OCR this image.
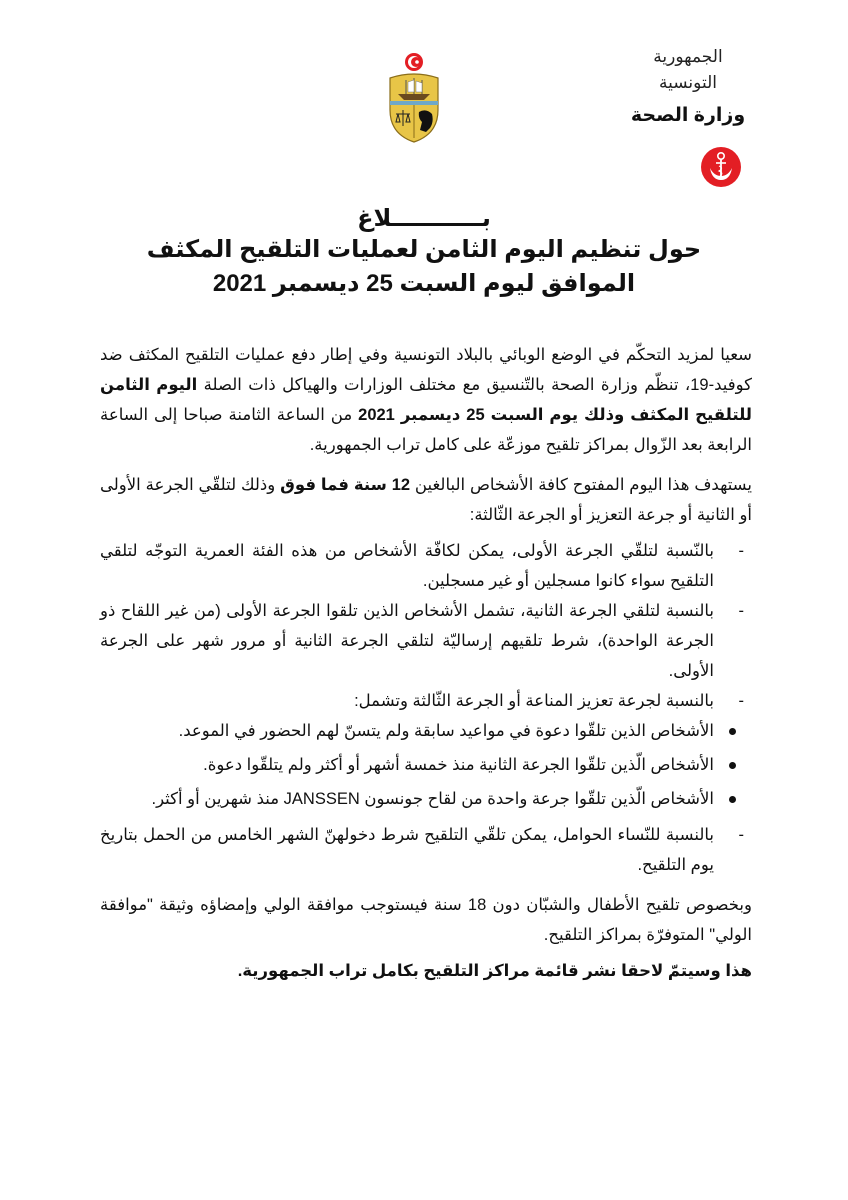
الجمهورية
التونسية
وزارة الصحة
بـــــــــــلاغ
حول تنظيم اليوم الثامن لعمليات التلقيح المكثف
الموافق ليوم السبت 25 ديسمبر 2021

سعيا لمزيد التحكّم في الوضع الوبائي بالبلاد التونسية وفي إطار دفع عمليات التلقيح المكثف ضد كوفيد-19، تنظّم وزارة الصحة بالتّنسيق مع مختلف الوزارات والهياكل ذات الصلة اليوم الثامن للتلقيح المكثف وذلك يوم السبت 25 ديسمبر 2021 من الساعة الثامنة صباحا إلى الساعة الرابعة بعد الزّوال بمراكز تلقيح موزعّة على كامل تراب الجمهورية.

يستهدف هذا اليوم المفتوح كافة الأشخاص البالغين 12 سنة فما فوق وذلك لتلقّي الجرعة الأولى أو الثانية أو جرعة التعزيز أو الجرعة الثّالثة:

-
بالنّسبة لتلقّي الجرعة الأولى، يمكن لكافّة الأشخاص من هذه الفئة العمرية التوجّه لتلقي التلقيح سواء كانوا مسجلين أو غير مسجلين.
-
بالنسبة لتلقي الجرعة الثانية، تشمل الأشخاص الذين تلقوا الجرعة الأولى (من غير اللقاح ذو الجرعة الواحدة)، شرط تلقيهم إرساليّة لتلقي الجرعة الثانية أو مرور شهر على الجرعة الأولى.
-
بالنسبة لجرعة تعزيز المناعة أو الجرعة الثّالثة وتشمل:
الأشخاص الذين تلقّوا دعوة في مواعيد سابقة ولم يتسنّ لهم الحضور في الموعد.
الأشخاص الّذين تلقّوا الجرعة الثانية منذ خمسة أشهر أو أكثر ولم يتلقّوا دعوة.
الأشخاص الّذين تلقّوا جرعة واحدة من لقاح جونسون JANSSEN منذ شهرين أو أكثر.
-
بالنسبة للنّساء الحوامل، يمكن تلقّي التلقيح شرط دخولهنّ الشهر الخامس من الحمل بتاريخ يوم التلقيح.

وبخصوص تلقيح الأطفال والشبّان دون 18 سنة فيستوجب موافقة الولي وإمضاؤه وثيقة "موافقة الولي" المتوفرّة بمراكز التلقيح.

هذا وسيتمّ لاحقا نشر قائمة مراكز التلقيح بكامل تراب الجمهورية.
